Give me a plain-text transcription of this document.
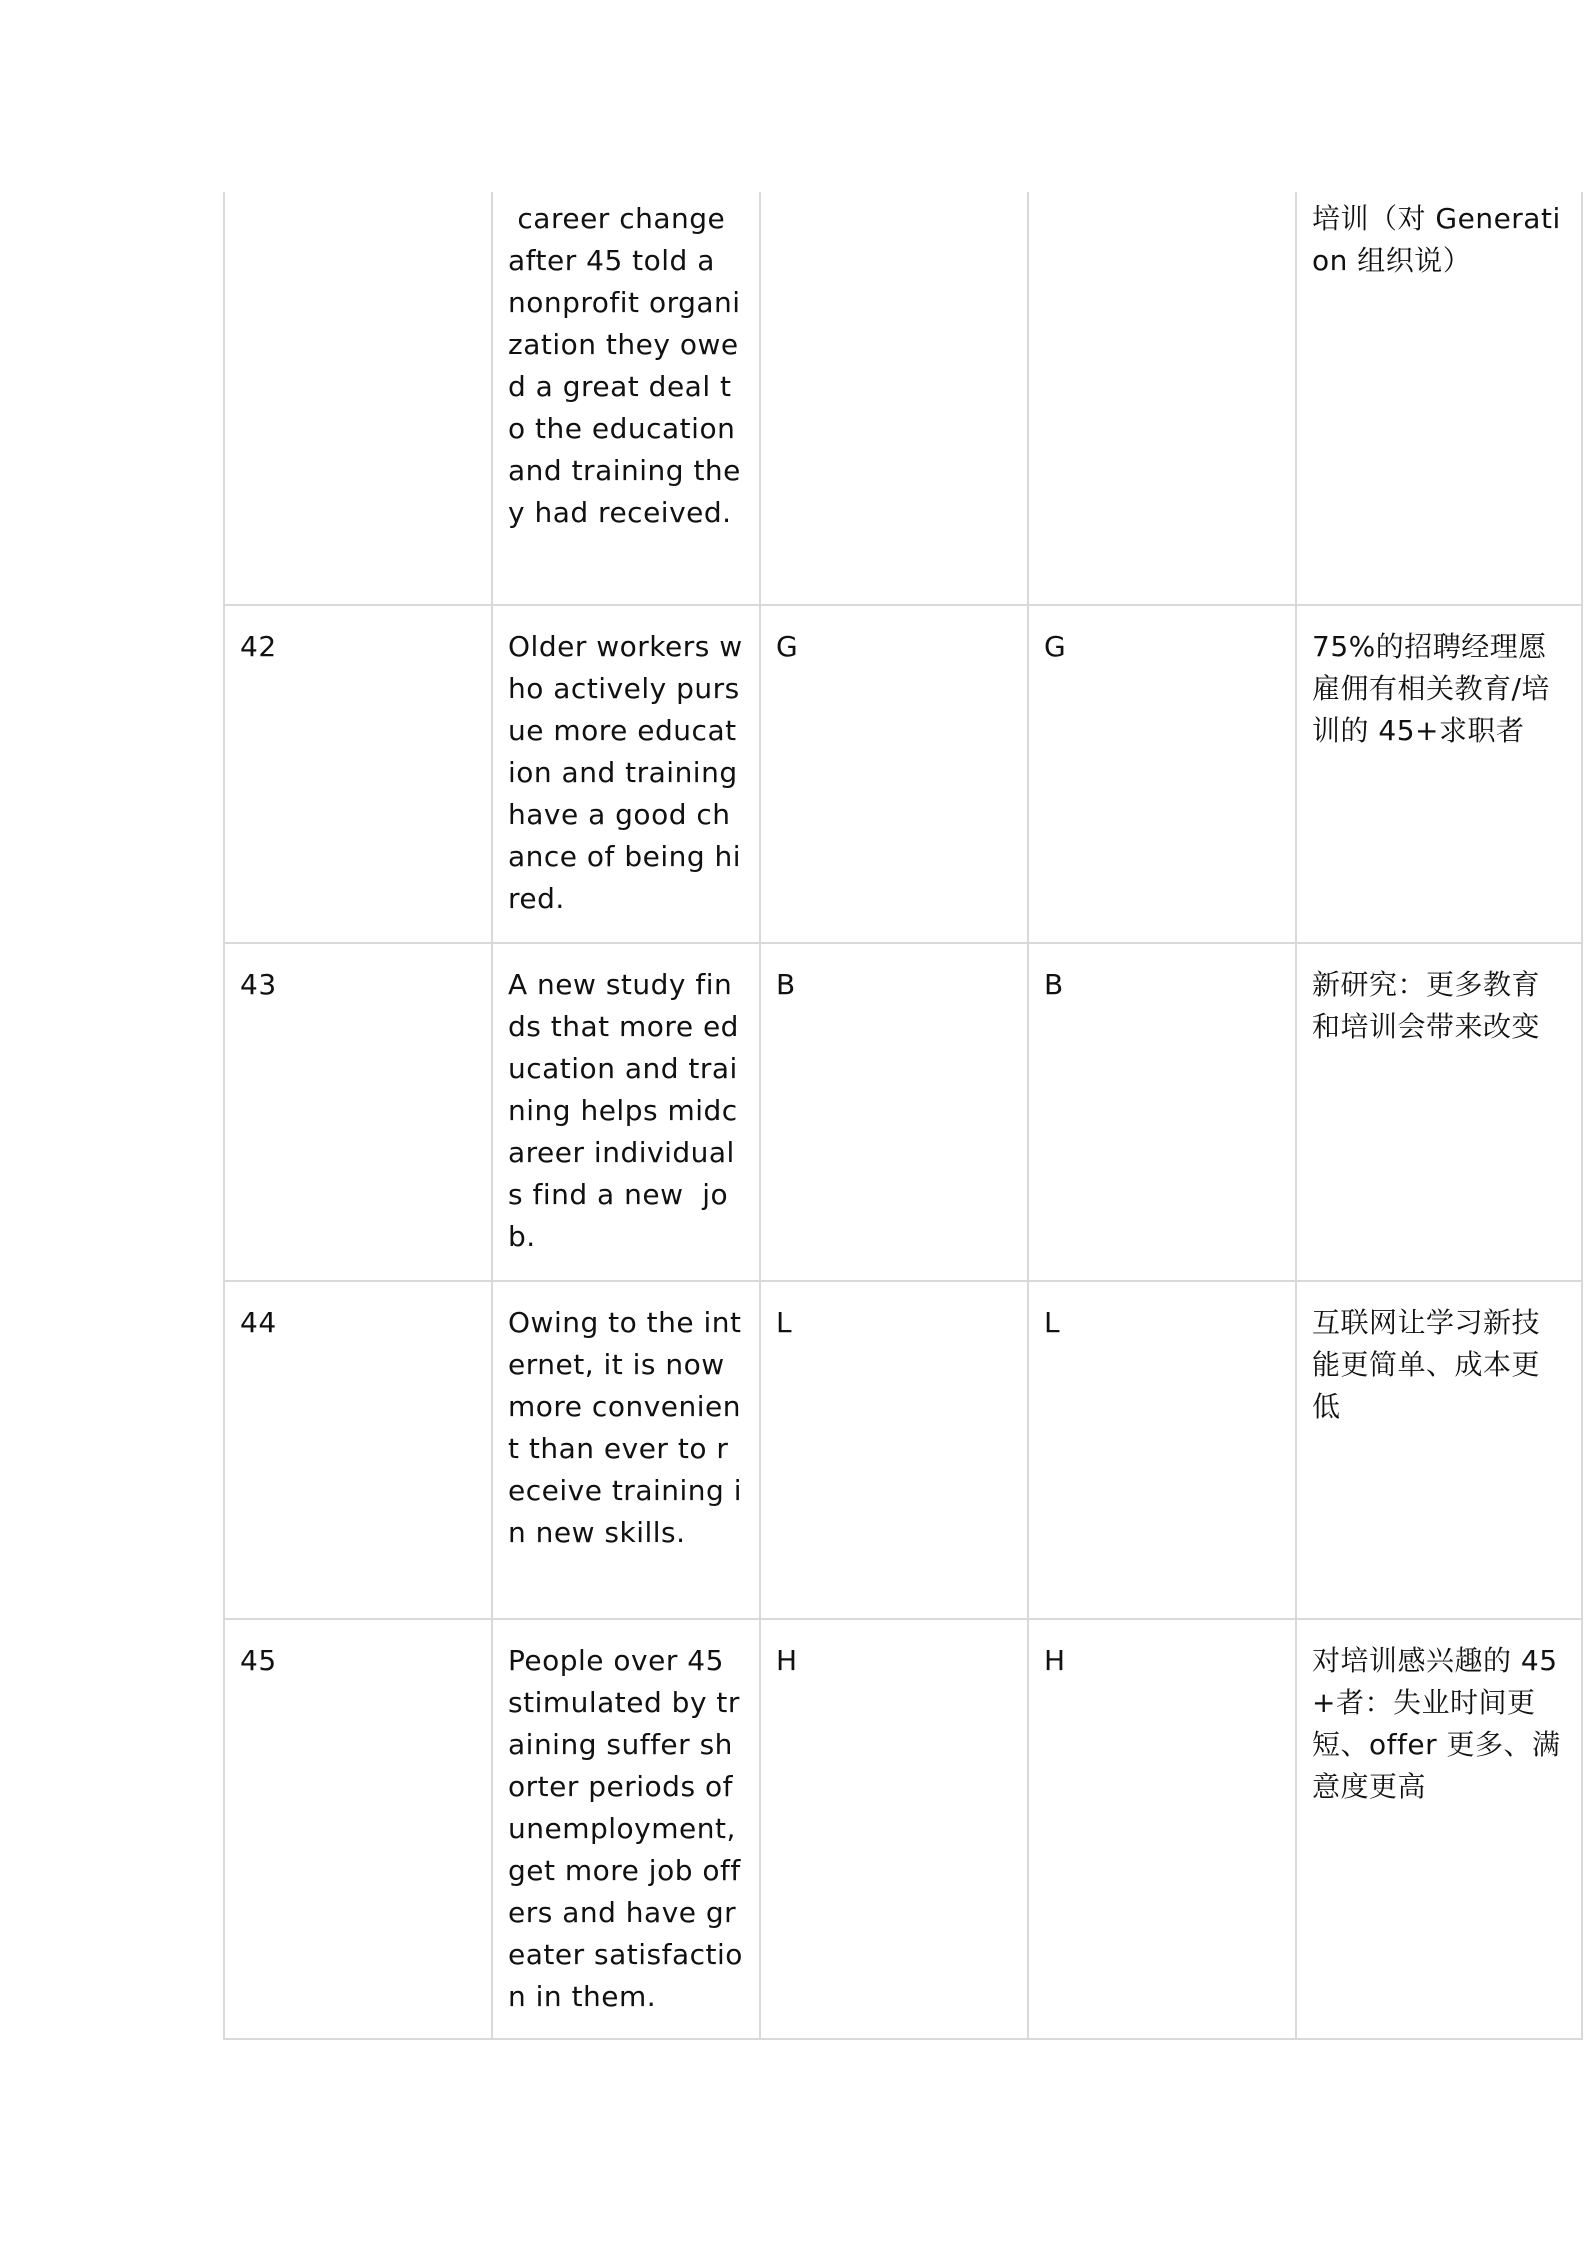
	career change  after 45 told a  nonprofit organization they owed a great deal to the education and training they had received.			培训（对 Generation 组织说）
42	Older workers who actively pursue more education and training have a good chance of being hired.	G	G	75%的招聘经理愿雇佣有相关教育/培训的 45+求职者
43	A new study finds that more education and training helps midcareer individuals find a new  job.	B	B	新研究：更多教育和培训会带来改变
44	Owing to the internet, it is now more convenient than ever to receive training in new skills.	L	L	互联网让学习新技能更简单、成本更低
45	People over 45  stimulated by training suffer shorter periods of unemployment, get more job offers and have greater satisfaction in them.	H	H	对培训感兴趣的 45+者：失业时间更短、offer 更多、满意度更高
